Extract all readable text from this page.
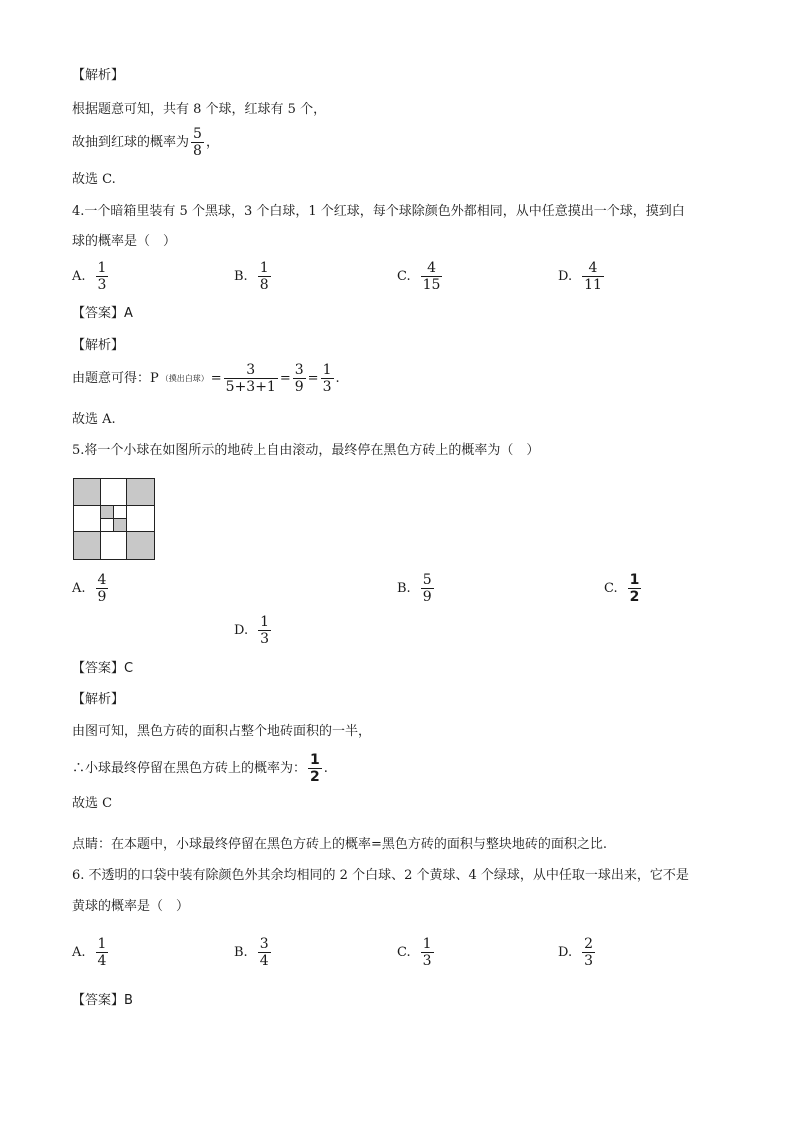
【解析】
根据题意可知，共有 8 个球，红球有 5 个，
故抽到红球的概率为 $\frac{5}{8}$ ，
故选 C.
4.一个暗箱里装有 5 个黑球，3 个白球，1 个红球，每个球除颜色外都相同，从中任意摸出一个球，摸到白
球的概率是（　）
A. $\frac{1}{3}$	B. $\frac{1}{8}$	C. $\frac{4}{15}$	D. $\frac{4}{11}$
【答案】A
【解析】
由题意可得：P （摸出白球） = $\frac{3}{5+3+1} = \frac{3}{9} = \frac{1}{3}$ .
故选 A.
5.将一个小球在如图所示的地砖上自由滚动，最终停在黑色方砖上的概率为（　）
A. $\frac{4}{9}$	B. $\frac{5}{9}$	C. $\frac{1}{2}$
D. $\frac{1}{3}$
【答案】C
【解析】
由图可知，黑色方砖的面积占整个地砖面积的一半，
∴小球最终停留在黑色方砖上的概率为： $\frac{1}{2}$ .
故选 C
点睛：在本题中，小球最终停留在黑色方砖上的概率=黑色方砖的面积与整块地砖的面积之比.
6. 不透明的口袋中装有除颜色外其余均相同的 2 个白球、2 个黄球、4 个绿球，从中任取一球出来，它不是
黄球的概率是（　）
A. $\frac{1}{4}$	B. $\frac{3}{4}$	C. $\frac{1}{3}$	D. $\frac{2}{3}$
【答案】B
